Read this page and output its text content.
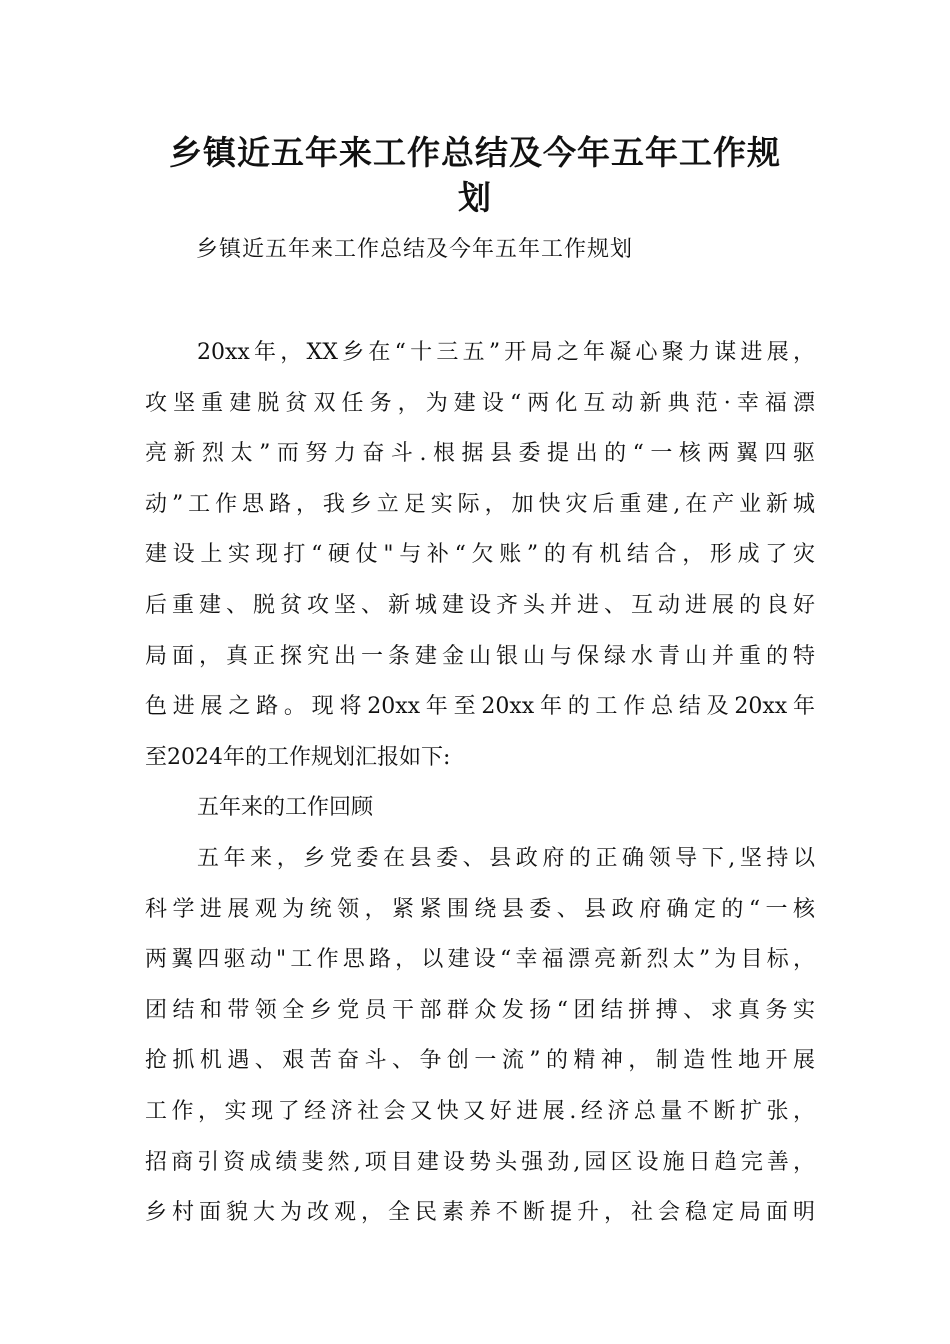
乡镇近五年来工作总结及今年五年工作规
划

乡镇近五年来工作总结及今年五年工作规划

20xx年，XX乡在“十三五”开局之年凝心聚力谋进展，
攻坚重建脱贫双任务，为建设“两化互动新典范·幸福漂
亮新烈太”而努力奋斗.根据县委提出的“一核两翼四驱
动”工作思路，我乡立足实际，加快灾后重建,在产业新城
建设上实现打“硬仗"与补“欠账”的有机结合，形成了灾
后重建、脱贫攻坚、新城建设齐头并进、互动进展的良好
局面，真正探究出一条建金山银山与保绿水青山并重的特
色进展之路。现将20xx年至20xx年的工作总结及20xx年
至2024年的工作规划汇报如下:
五年来的工作回顾
五年来，乡党委在县委、县政府的正确领导下,坚持以
科学进展观为统领，紧紧围绕县委、县政府确定的“一核
两翼四驱动"工作思路，以建设“幸福漂亮新烈太”为目标，
团结和带领全乡党员干部群众发扬“团结拼搏、求真务实
抢抓机遇、艰苦奋斗、争创一流”的精神，制造性地开展
工作，实现了经济社会又快又好进展.经济总量不断扩张，
招商引资成绩斐然,项目建设势头强劲,园区设施日趋完善，
乡村面貌大为改观，全民素养不断提升，社会稳定局面明
